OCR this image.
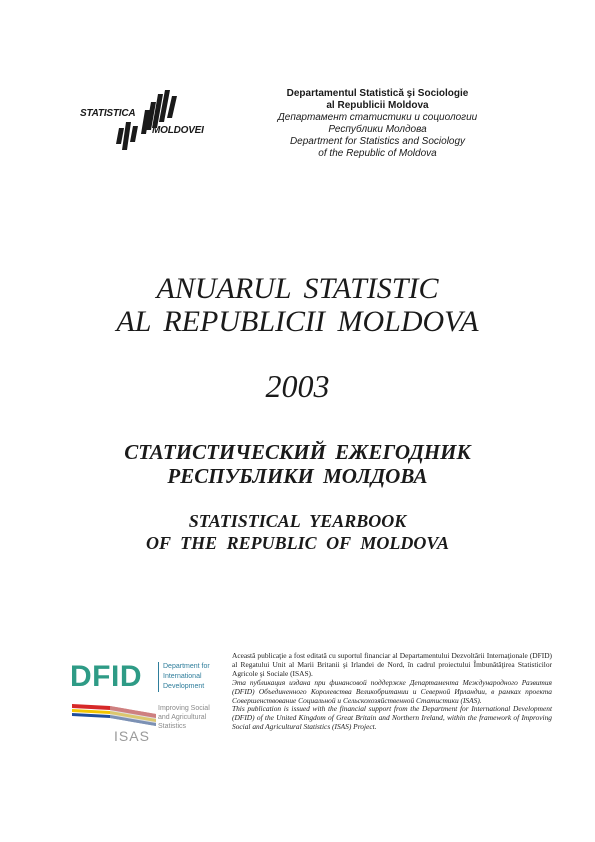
STATISTICA
MOLDOVEI
Departamentul Statistică şi Sociologie
al Republicii Moldova
Департамент статистики и социологии
Республики Молдова
Department for Statistics and Sociology
of the Republic of Moldova
ANUARUL STATISTIC
AL REPUBLICII MOLDOVA
2003
СТАТИСТИЧЕСКИЙ ЕЖЕГОДНИК
РЕСПУБЛИКИ МОЛДОВА
STATISTICAL YEARBOOK
OF THE REPUBLIC OF MOLDOVA
DFID	Department for
International
Development
ISAS
Improving Social
and Agricultural
Statistics

Această publicaţie a fost editată cu suportul financiar al Departamentului Dezvoltării Internaţionale (DFID) al Regatului Unit al Marii Britanii şi Irlandei de Nord, în cadrul proiectului Îmbunătăţirea Statisticilor Agricole şi Sociale (ISAS).

Эта публикация издана при финансовой поддержке Департамента Международного Развития (DFID) Объединенного Королевства Великобритании и Северной Ирландии, в рамках проекта Совершенствование Социальной и Сельскохозяйственной Статистики (ISAS).

This publication is issued with the financial support from the Department for International Development (DFID) of the United Kingdom of Great Britain and Northern Ireland, within the framework of Improving Social and Agricultural Statistics (ISAS) Project.
